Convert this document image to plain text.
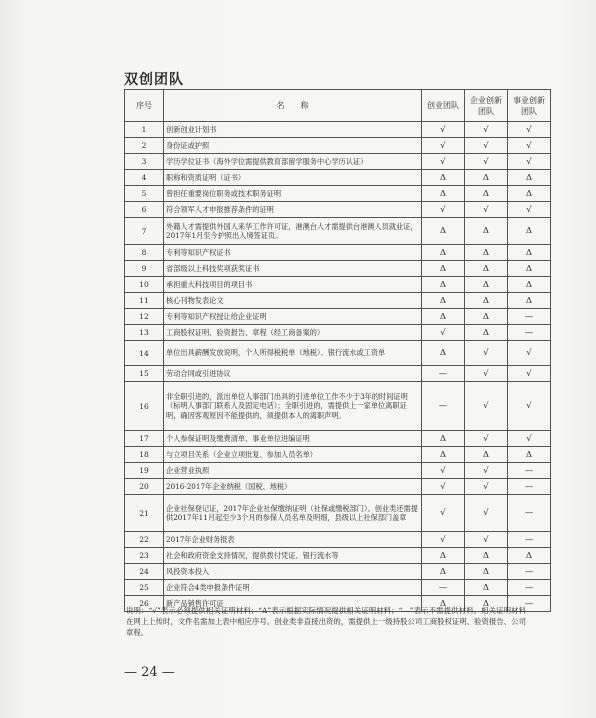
双创团队
序号	名　　称	创业团队	企业创新团队	事业创新团队
1	创新创业计划书	√	√	√
2	身份证或护照	√	√	√
3	学历学位证书（海外学位需提供教育部留学服务中心学历认证）	√	√	√
4	职称和资质证明（证书）	Δ	Δ	Δ
5	曾担任重要岗位职务或技术职务证明	Δ	Δ	Δ
6	符合领军人才申报推荐条件的证明	√	√	√
7	外籍人才需提供外国人来华工作许可证，港澳台人才需提供台港澳人员就业证，2017年1月至今护照出入境签证页。	Δ	Δ	Δ
8	专利等知识产权证书	Δ	Δ	Δ
9	省部级以上科技奖项获奖证书	Δ	Δ	Δ
10	承担重大科技项目的项目书	Δ	Δ	Δ
11	核心刊物发表论文	Δ	Δ	Δ
12	专利等知识产权授让给企业证明	Δ	Δ	—
13	工商股权证明、验资报告、章程（经工商备案的）	√	Δ	—
14	单位出具薪酬发放说明，个人所得税税单（地税）、银行流水或工资单	Δ	√	√
15	劳动合同或引进协议	—	√	√
16	非全职引进的，派出单位人事部门出具的引进单位工作不少于3年的时间证明（标明人事部门联系人及固定电话）；全职引进的，需提供上一家单位离职证明，确因客观原因不能提供的，须提供本人的离职声明。	—	√	√
17	个人参保证明及缴费清单、事业单位进编证明	Δ	√	√
18	与立项目关系（企业立项批复、参加人员名单）	Δ	Δ	Δ
19	企业营业执照	√	√	—
20	2016-2017年企业纳税（国税、地税）	√	√	—
21	企业社保登记证，2017年企业社保缴纳证明（社保或缴税部门）。创业类还需提供2017年11月起至少3个月的参保人员名单及明细，县级以上社保部门盖章	√	√	—
22	2017年企业财务报表	√	√	—
23	社会和政府资金支持情况，提供拨付凭证、银行流水等	Δ	Δ	Δ
24	风投资本投入	Δ	Δ	—
25	企业符合4类申报条件证明	—	Δ	—
26	新产品销售许可证	Δ	Δ	—
说明：“√”表示必须提供相关证明材料；“Δ”表示根据实际情况提供相关证明材料；“—”表示不需提供材料。相关证明材料在网上上传时，文件名需加上表中相应序号。创业类非直接出资的，需提供上一级持股公司工商股权证明、验资报告、公司章程。
— 24 —
